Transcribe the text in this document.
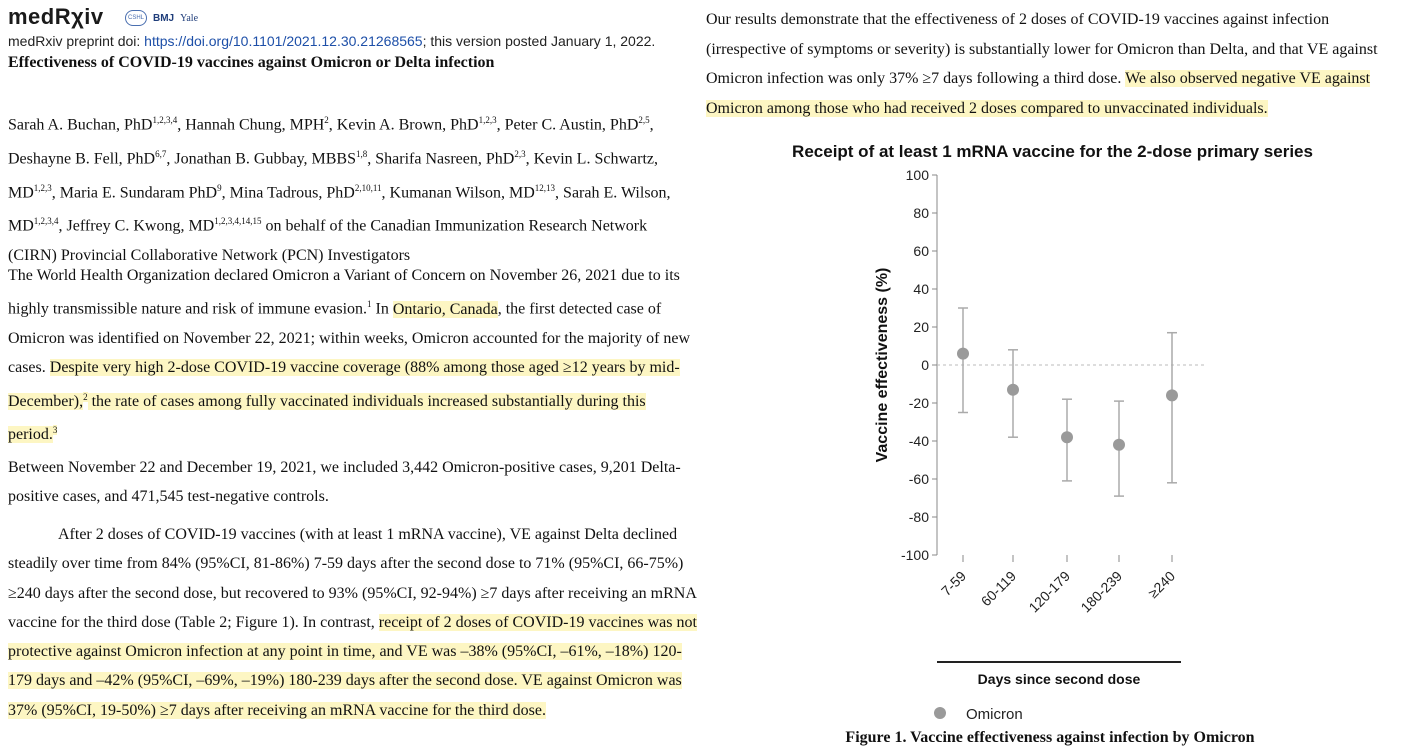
medRχiv	CSHL BMJ Yale
medRxiv preprint doi: https://doi.org/10.1101/2021.12.30.21268565; this version posted January 1, 2022.
Effectiveness of COVID-19 vaccines against Omicron or Delta infection
Sarah A. Buchan, PhD$^{1,2,3,4}$, Hannah Chung, MPH$^2$, Kevin A. Brown, PhD$^{1,2,3}$, Peter C. Austin, PhD$^{2,5}$, Deshayne B. Fell, PhD$^{6,7}$, Jonathan B. Gubbay, MBBS$^{1,8}$, Sharifa Nasreen, PhD$^{2,3}$, Kevin L. Schwartz, MD$^{1,2,3}$, Maria E. Sundaram PhD$^9$, Mina Tadrous, PhD$^{2,10,11}$, Kumanan Wilson, MD$^{12,13}$, Sarah E. Wilson, MD$^{1,2,3,4}$, Jeffrey C. Kwong, MD$^{1,2,3,4,14,15}$ on behalf of the Canadian Immunization Research Network (CIRN) Provincial Collaborative Network (PCN) Investigators
The World Health Organization declared Omicron a Variant of Concern on November 26, 2021 due to its highly transmissible nature and risk of immune evasion.$^1$ In Ontario, Canada, the first detected case of Omicron was identified on November 22, 2021; within weeks, Omicron accounted for the majority of new cases. Despite very high 2-dose COVID-19 vaccine coverage (88% among those aged ≥12 years by mid-December),$^2$ the rate of cases among fully vaccinated individuals increased substantially during this period.$^3$
Between November 22 and December 19, 2021, we included 3,442 Omicron-positive cases, 9,201 Delta-positive cases, and 471,545 test-negative controls.
After 2 doses of COVID-19 vaccines (with at least 1 mRNA vaccine), VE against Delta declined steadily over time from 84% (95%CI, 81-86%) 7-59 days after the second dose to 71% (95%CI, 66-75%) ≥240 days after the second dose, but recovered to 93% (95%CI, 92-94%) ≥7 days after receiving an mRNA vaccine for the third dose (Table 2; Figure 1). In contrast, receipt of 2 doses of COVID-19 vaccines was not protective against Omicron infection at any point in time, and VE was –38% (95%CI, –61%, –18%) 120-179 days and –42% (95%CI, –69%, –19%) 180-239 days after the second dose. VE against Omicron was 37% (95%CI, 19-50%) ≥7 days after receiving an mRNA vaccine for the third dose.
Our results demonstrate that the effectiveness of 2 doses of COVID-19 vaccines against infection (irrespective of symptoms or severity) is substantially lower for Omicron than Delta, and that VE against Omicron infection was only 37% ≥7 days following a third dose. We also observed negative VE against Omicron among those who had received 2 doses compared to unvaccinated individuals.
Receipt of at least 1 mRNA vaccine for the 2-dose primary series
100
80
60
40
20
0
-20
-40
-60
-80
-100
Vaccine effectiveness (%)
7-59 60-119 120-179 180-239 ≥240
Days since second dose
Omicron
Figure 1. Vaccine effectiveness against infection by Omicron
